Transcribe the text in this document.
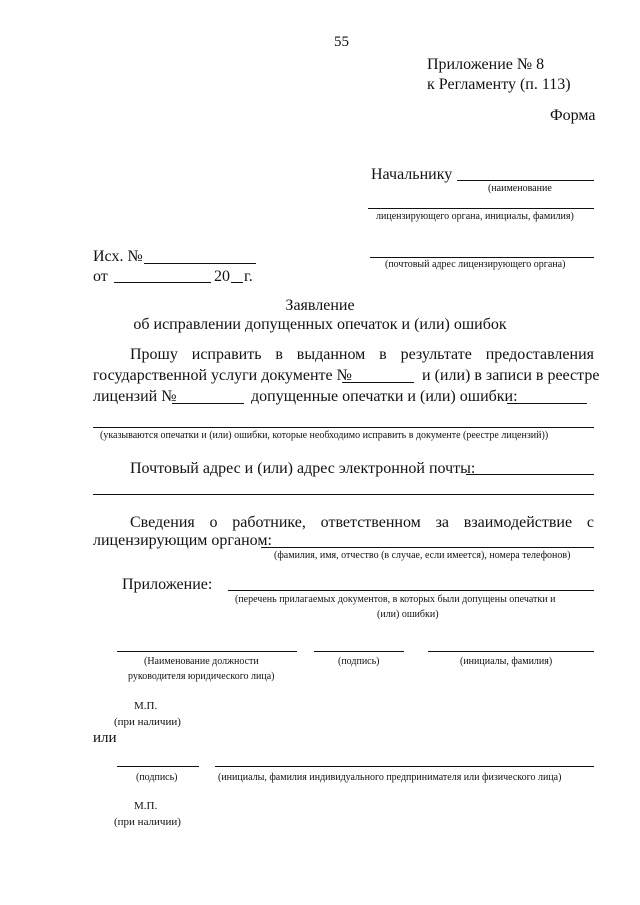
55
Приложение № 8
к Регламенту (п. 113)
Форма
Начальнику
(наименование
лицензирующего органа, инициалы, фамилия)
(почтовый адрес лицензирующего органа)
Исх. №
от	20 г.
Заявление
об исправлении допущенных опечаток и (или) ошибок
Прошу исправить в выданном в результате предоставления
государственной услуги документе №	и (или) в записи в реестре
лицензий №	допущенные опечатки и (или) ошибки:
(указываются опечатки и (или) ошибки, которые необходимо исправить в документе (реестре лицензий))
Почтовый адрес и (или) адрес электронной почты:
Сведения о работнике, ответственном за взаимодействие с
лицензирующим органом:
(фамилия, имя, отчество (в случае, если имеется), номера телефонов)
Приложение:
(перечень прилагаемых документов, в которых были допущены опечатки и
(или) ошибки)
(Наименование должности
руководителя юридического лица)
(подпись)	(инициалы, фамилия)
М.П.
(при наличии)
или
(подпись)	(инициалы, фамилия индивидуального предпринимателя или физического лица)
М.П.
(при наличии)
